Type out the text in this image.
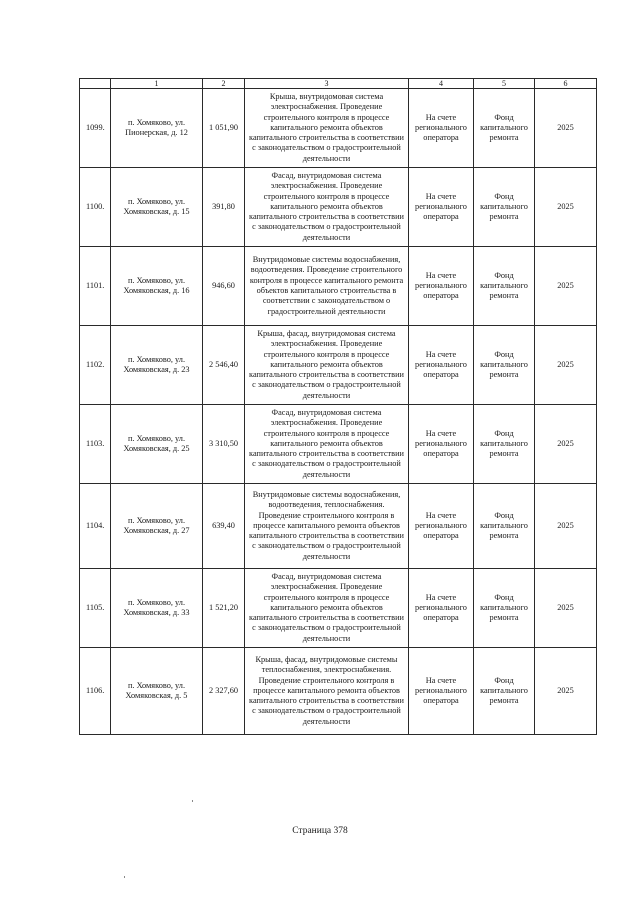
	1	2	3	4	5	6
1099.	п. Хомяково, ул. Пионерская, д. 12	1 051,90	Крыша, внутридомовая система электроснабжения. Проведение строительного контроля в процессе капитального ремонта объектов капитального строительства в соответствии с законодательством о градостроительной деятельности	На счете регионального оператора	Фонд капитального ремонта	2025
1100.	п. Хомяково, ул. Хомяковская, д. 15	391,80	Фасад, внутридомовая система электроснабжения. Проведение строительного контроля в процессе капитального ремонта объектов капитального строительства в соответствии с законодательством о градостроительной деятельности	На счете регионального оператора	Фонд капитального ремонта	2025
1101.	п. Хомяково, ул. Хомяковская, д. 16	946,60	Внутридомовые системы водоснабжения, водоотведения. Проведение строительного контроля в процессе капитального ремонта объектов капитального строительства в соответствии с законодательством о градостроительной деятельности	На счете регионального оператора	Фонд капитального ремонта	2025
1102.	п. Хомяково, ул. Хомяковская, д. 23	2 546,40	Крыша, фасад, внутридомовая система электроснабжения. Проведение строительного контроля в процессе капитального ремонта объектов капитального строительства в соответствии с законодательством о градостроительной деятельности	На счете регионального оператора	Фонд капитального ремонта	2025
1103.	п. Хомяково, ул. Хомяковская, д. 25	3 310,50	Фасад, внутридомовая система электроснабжения. Проведение строительного контроля в процессе капитального ремонта объектов капитального строительства в соответствии с законодательством о градостроительной деятельности	На счете регионального оператора	Фонд капитального ремонта	2025
1104.	п. Хомяково, ул. Хомяковская, д. 27	639,40	Внутридомовые системы водоснабжения, водоотведения, теплоснабжения. Проведение строительного контроля в процессе капитального ремонта объектов капитального строительства в соответствии с законодательством о градостроительной деятельности	На счете регионального оператора	Фонд капитального ремонта	2025
1105.	п. Хомяково, ул. Хомяковская, д. 33	1 521,20	Фасад, внутридомовая система электроснабжения. Проведение строительного контроля в процессе капитального ремонта объектов капитального строительства в соответствии с законодательством о градостроительной деятельности	На счете регионального оператора	Фонд капитального ремонта	2025
1106.	п. Хомяково, ул. Хомяковская, д. 5	2 327,60	Крыша, фасад, внутридомовые системы теплоснабжения, электроснабжения. Проведение строительного контроля в процессе капитального ремонта объектов капитального строительства в соответствии с законодательством о градостроительной деятельности	На счете регионального оператора	Фонд капитального ремонта	2025
Страница 378
